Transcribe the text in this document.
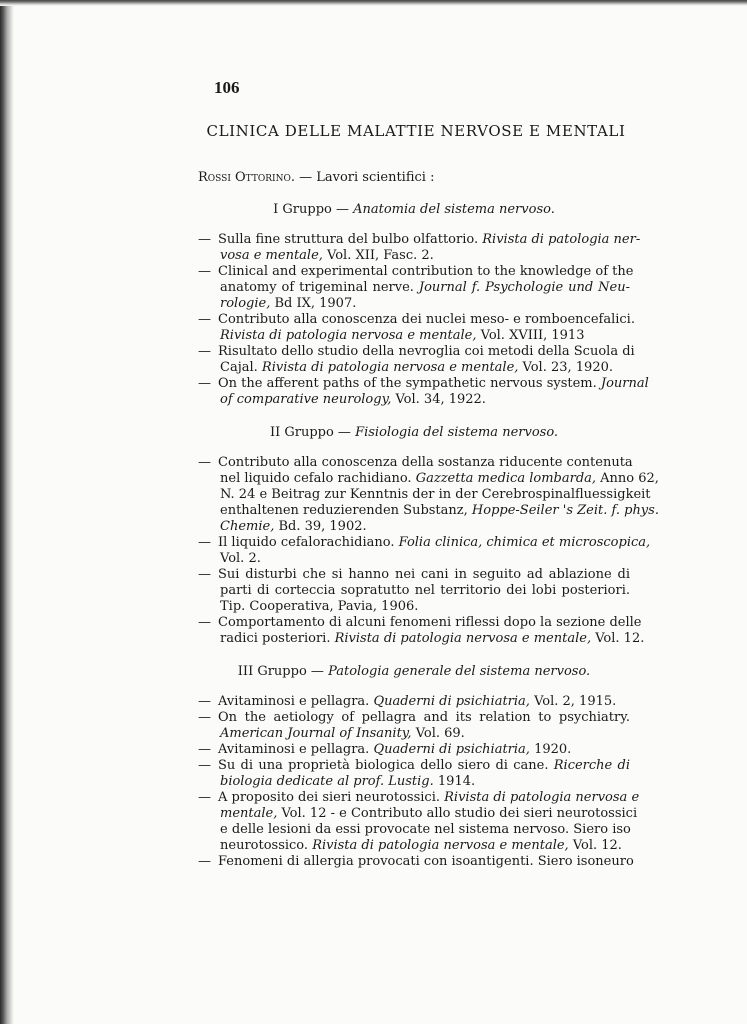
106
CLINICA DELLE MALATTIE NERVOSE E MENTALI
Rossi Ottorino. — Lavori scientifici :
I Gruppo — Anatomia del sistema nervoso.
— Sulla fine struttura del bulbo olfattorio. Rivista di patologia ner-
vosa e mentale, Vol. XII, Fasc. 2.
— Clinical and experimental contribution to the knowledge of the
anatomy of trigeminal nerve. Journal f. Psychologie und Neu-
rologie, Bd IX, 1907.
— Contributo alla conoscenza dei nuclei meso- e romboencefalici.
Rivista di patologia nervosa e mentale, Vol. XVIII, 1913
— Risultato dello studio della nevroglia coi metodi della Scuola di
Cajal. Rivista di patologia nervosa e mentale, Vol. 23, 1920.
— On the afferent paths of the sympathetic nervous system. Journal
of comparative neurology, Vol. 34, 1922.
II Gruppo — Fisiologia del sistema nervoso.
— Contributo alla conoscenza della sostanza riducente contenuta
nel liquido cefalo rachidiano. Gazzetta medica lombarda, Anno 62,
N. 24 e Beitrag zur Kenntnis der in der Cerebrospinalfluessigkeit
enthaltenen reduzierenden Substanz, Hoppe-Seiler 's Zeit. f. phys.
Chemie, Bd. 39, 1902.
— Il liquido cefalorachidiano. Folia clinica, chimica et microscopica,
Vol. 2.
— Sui disturbi che si hanno nei cani in seguito ad ablazione di
parti di corteccia sopratutto nel territorio dei lobi posteriori.
Tip. Cooperativa, Pavia, 1906.
— Comportamento di alcuni fenomeni riflessi dopo la sezione delle
radici posteriori. Rivista di patologia nervosa e mentale, Vol. 12.
III Gruppo — Patologia generale del sistema nervoso.
— Avitaminosi e pellagra. Quaderni di psichiatria, Vol. 2, 1915.
— On the aetiology of pellagra and its relation to psychiatry.
American Journal of Insanity, Vol. 69.
— Avitaminosi e pellagra. Quaderni di psichiatria, 1920.
— Su di una proprietà biologica dello siero di cane. Ricerche di
biologia dedicate al prof. Lustig. 1914.
— A proposito dei sieri neurotossici. Rivista di patologia nervosa e
mentale, Vol. 12 - e Contributo allo studio dei sieri neurotossici
e delle lesioni da essi provocate nel sistema nervoso. Siero iso
neurotossico. Rivista di patologia nervosa e mentale, Vol. 12.
— Fenomeni di allergia provocati con isoantigenti. Siero isoneuro
